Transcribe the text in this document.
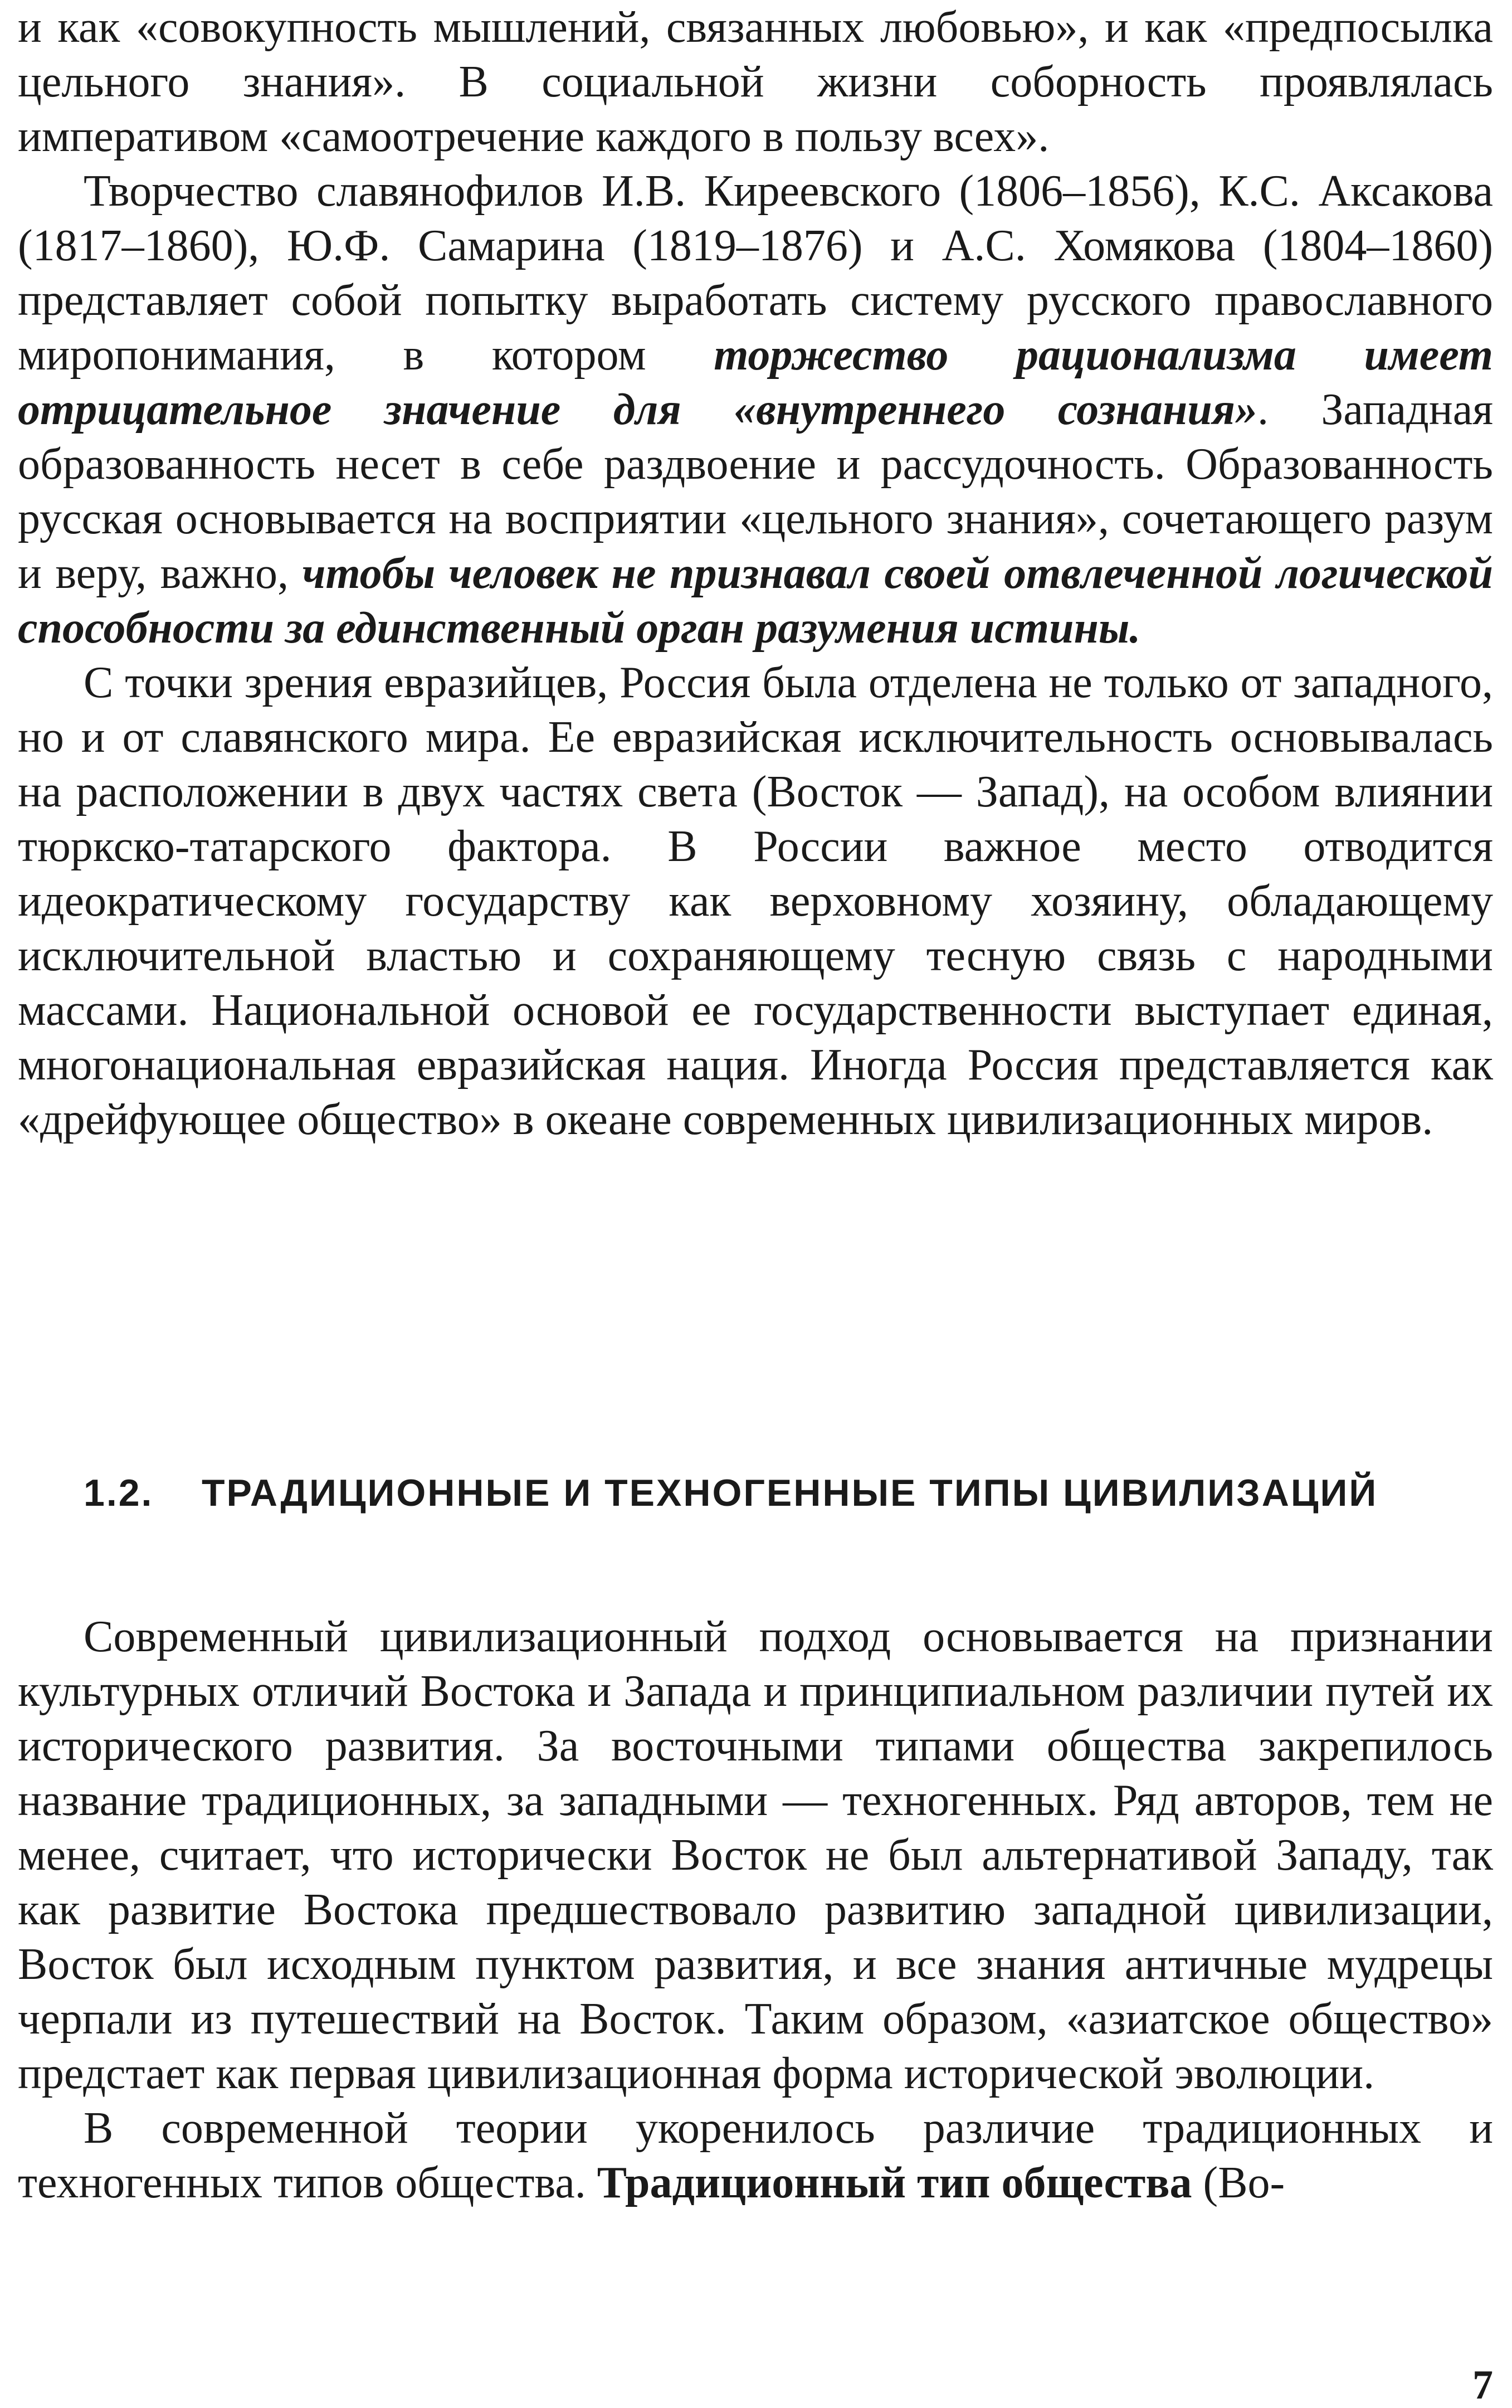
и как «совокупность мышлений, связанных любовью», и как «предпосылка цельного знания». В социальной жизни соборность проявлялась императивом «самоотречение каждого в пользу всех».

Творчество славянофилов И.В. Киреевского (1806–1856), К.С. Аксакова (1817–1860), Ю.Ф. Самарина (1819–1876) и А.С. Хомякова (1804–1860) представляет собой попытку выработать систему русского православного миропонимания, в котором торжество рационализма имеет отрицательное значение для «внутреннего сознания». Западная образованность несет в себе раздвоение и рассудочность. Образованность русская основывается на восприятии «цельного знания», сочетающего разум и веру, важно, чтобы человек не признавал своей отвлеченной логической способности за единственный орган разумения истины.

С точки зрения евразийцев, Россия была отделена не только от западного, но и от славянского мира. Ее евразийская исключительность основывалась на расположении в двух частях света (Восток — Запад), на особом влиянии тюркско-татарского фактора. В России важное место отводится идеократическому государству как верховному хозяину, обладающему исключительной властью и сохраняющему тесную связь с народными массами. Национальной основой ее государственности выступает единая, многонациональная евразийская нация. Иногда Россия представляется как «дрейфующее общество» в океане современных цивилизационных миров.

1.2. ТРАДИЦИОННЫЕ И ТЕХНОГЕННЫЕ ТИПЫ ЦИВИЛИЗАЦИЙ

Современный цивилизационный подход основывается на признании культурных отличий Востока и Запада и принципиальном различии путей их исторического развития. За восточными типами общества закрепилось название традиционных, за западными — техногенных. Ряд авторов, тем не менее, считает, что исторически Восток не был альтернативой Западу, так как развитие Востока предшествовало развитию западной цивилизации, Восток был исходным пунктом развития, и все знания античные мудрецы черпали из путешествий на Восток. Таким образом, «азиатское общество» предстает как первая цивилизационная форма исторической эволюции.

В современной теории укоренилось различие традиционных и техногенных типов общества. Традиционный тип общества (Во-

7
